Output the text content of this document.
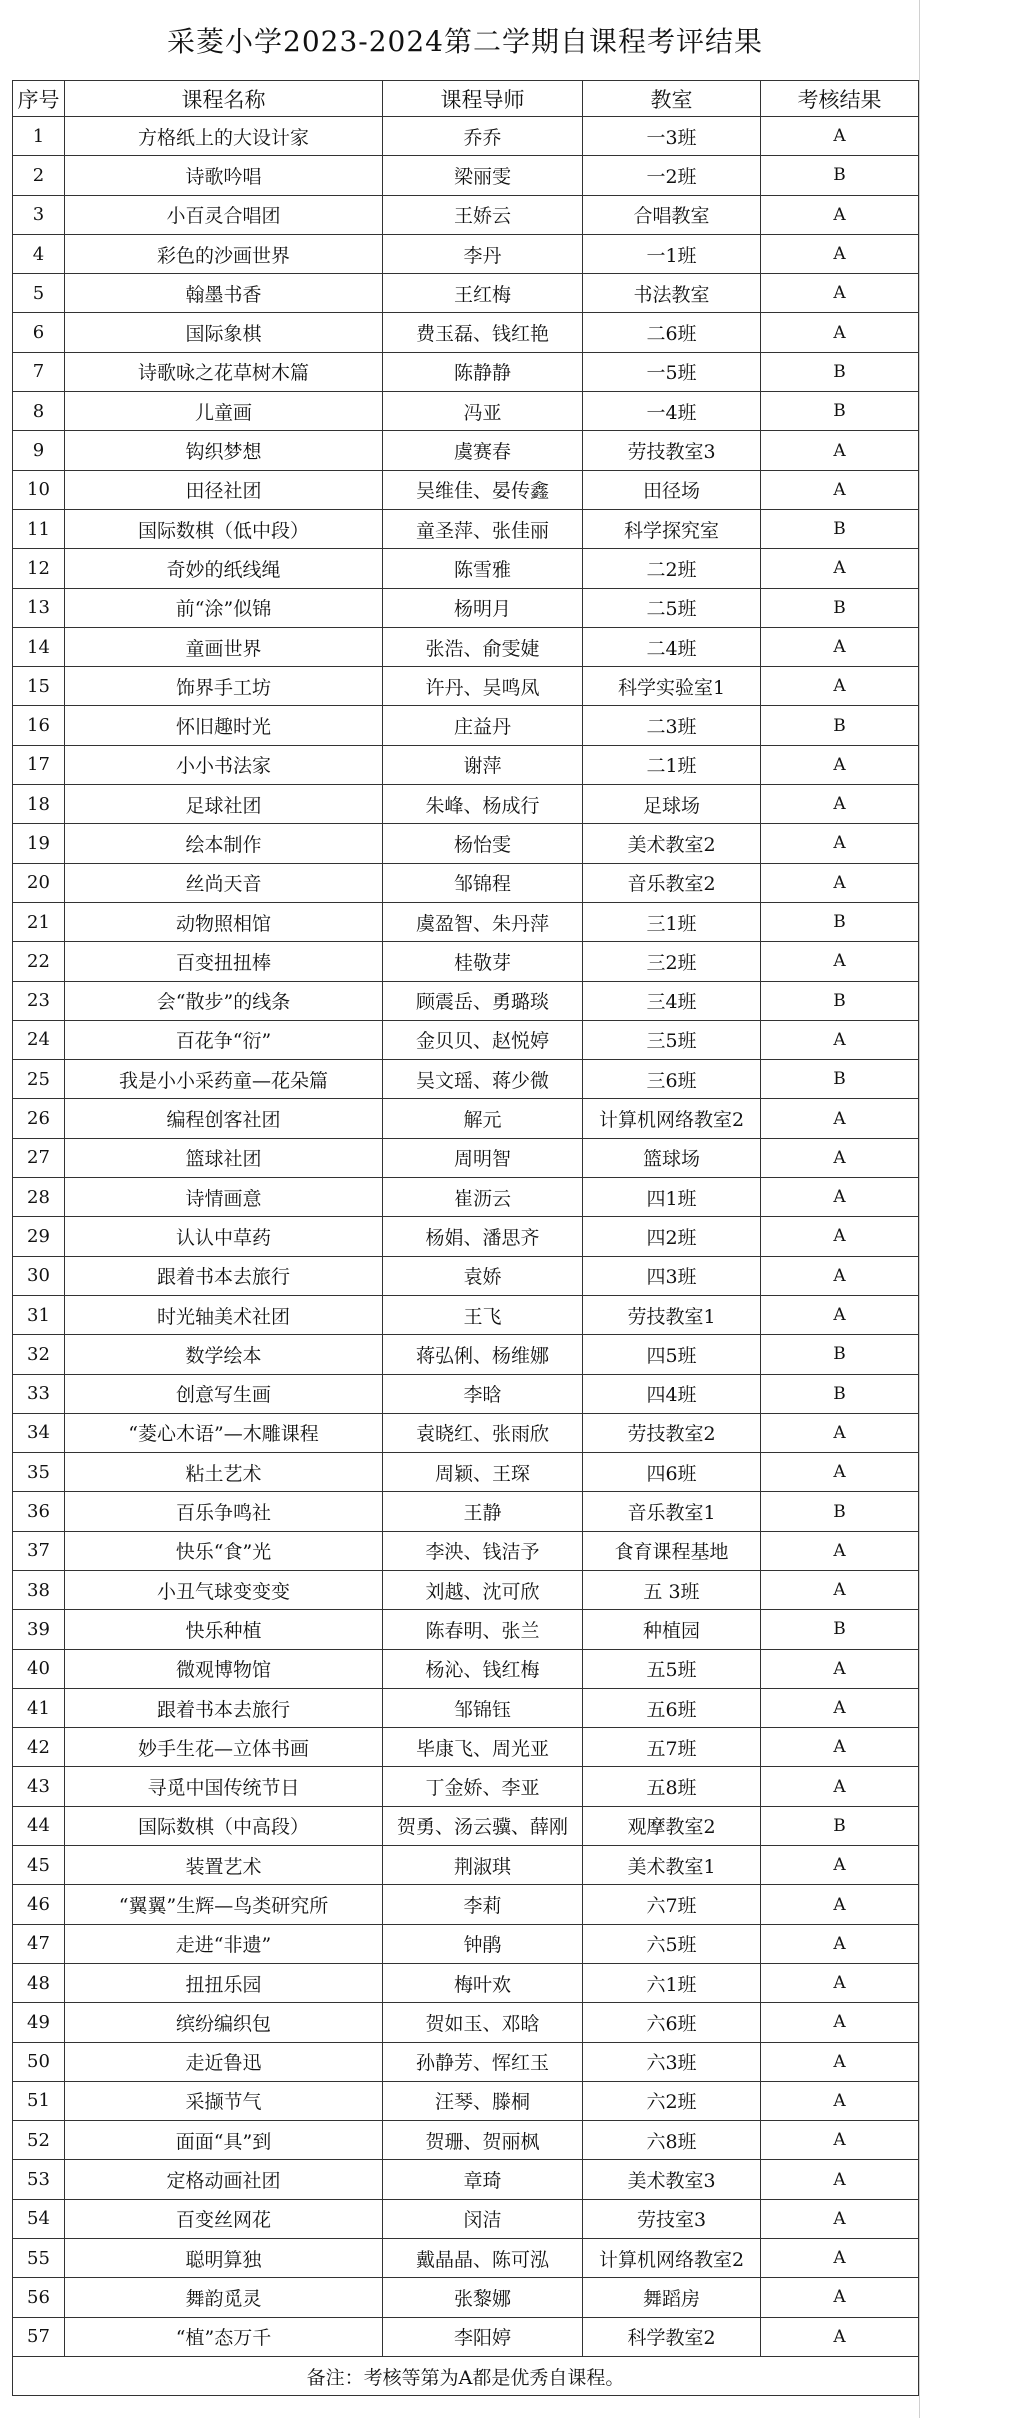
采菱小学2023-2024第二学期自课程考评结果
序号	课程名称	课程导师	教室	考核结果
1	方格纸上的大设计家	乔乔	一3班	A
2	诗歌吟唱	梁丽雯	一2班	B
3	小百灵合唱团	王娇云	合唱教室	A
4	彩色的沙画世界	李丹	一1班	A
5	翰墨书香	王红梅	书法教室	A
6	国际象棋	费玉磊、钱红艳	二6班	A
7	诗歌咏之花草树木篇	陈静静	一5班	B
8	儿童画	冯亚	一4班	B
9	钩织梦想	虞赛春	劳技教室3	A
10	田径社团	吴维佳、晏传鑫	田径场	A
11	国际数棋（低中段）	童圣萍、张佳丽	科学探究室	B
12	奇妙的纸线绳	陈雪雅	二2班	A
13	前“涂”似锦	杨明月	二5班	B
14	童画世界	张浩、俞雯婕	二4班	A
15	饰界手工坊	许丹、吴鸣凤	科学实验室1	A
16	怀旧趣时光	庄益丹	二3班	B
17	小小书法家	谢萍	二1班	A
18	足球社团	朱峰、杨成行	足球场	A
19	绘本制作	杨怡雯	美术教室2	A
20	丝尚天音	邹锦程	音乐教室2	A
21	动物照相馆	虞盈智、朱丹萍	三1班	B
22	百变扭扭棒	桂敬芽	三2班	A
23	会“散步”的线条	顾震岳、勇璐琰	三4班	B
24	百花争“衍”	金贝贝、赵悦婷	三5班	A
25	我是小小采药童—花朵篇	吴文瑶、蒋少微	三6班	B
26	编程创客社团	解元	计算机网络教室2	A
27	篮球社团	周明智	篮球场	A
28	诗情画意	崔沥云	四1班	A
29	认认中草药	杨娟、潘思齐	四2班	A
30	跟着书本去旅行	袁娇	四3班	A
31	时光轴美术社团	王飞	劳技教室1	A
32	数学绘本	蒋弘俐、杨维娜	四5班	B
33	创意写生画	李晗	四4班	B
34	“菱心木语”—木雕课程	袁晓红、张雨欣	劳技教室2	A
35	粘土艺术	周颖、王琛	四6班	A
36	百乐争鸣社	王静	音乐教室1	B
37	快乐“食”光	李泱、钱洁予	食育课程基地	A
38	小丑气球变变变	刘越、沈可欣	五 3班	A
39	快乐种植	陈春明、张兰	种植园	B
40	微观博物馆	杨沁、钱红梅	五5班	A
41	跟着书本去旅行	邹锦钰	五6班	A
42	妙手生花—立体书画	毕康飞、周光亚	五7班	A
43	寻觅中国传统节日	丁金娇、李亚	五8班	A
44	国际数棋（中高段）	贺勇、汤云骥、薛刚	观摩教室2	B
45	装置艺术	荆淑琪	美术教室1	A
46	“翼翼”生辉—鸟类研究所	李莉	六7班	A
47	走进“非遗”	钟鹃	六5班	A
48	扭扭乐园	梅叶欢	六1班	A
49	缤纷编织包	贺如玉、邓晗	六6班	A
50	走近鲁迅	孙静芳、恽红玉	六3班	A
51	采撷节气	汪琴、滕桐	六2班	A
52	面面“具”到	贺珊、贺丽枫	六8班	A
53	定格动画社团	章琦	美术教室3	A
54	百变丝网花	闵洁	劳技室3	A
55	聪明算独	戴晶晶、陈可泓	计算机网络教室2	A
56	舞韵觅灵	张黎娜	舞蹈房	A
57	“植”态万千	李阳婷	科学教室2	A
备注：考核等第为A都是优秀自课程。				
